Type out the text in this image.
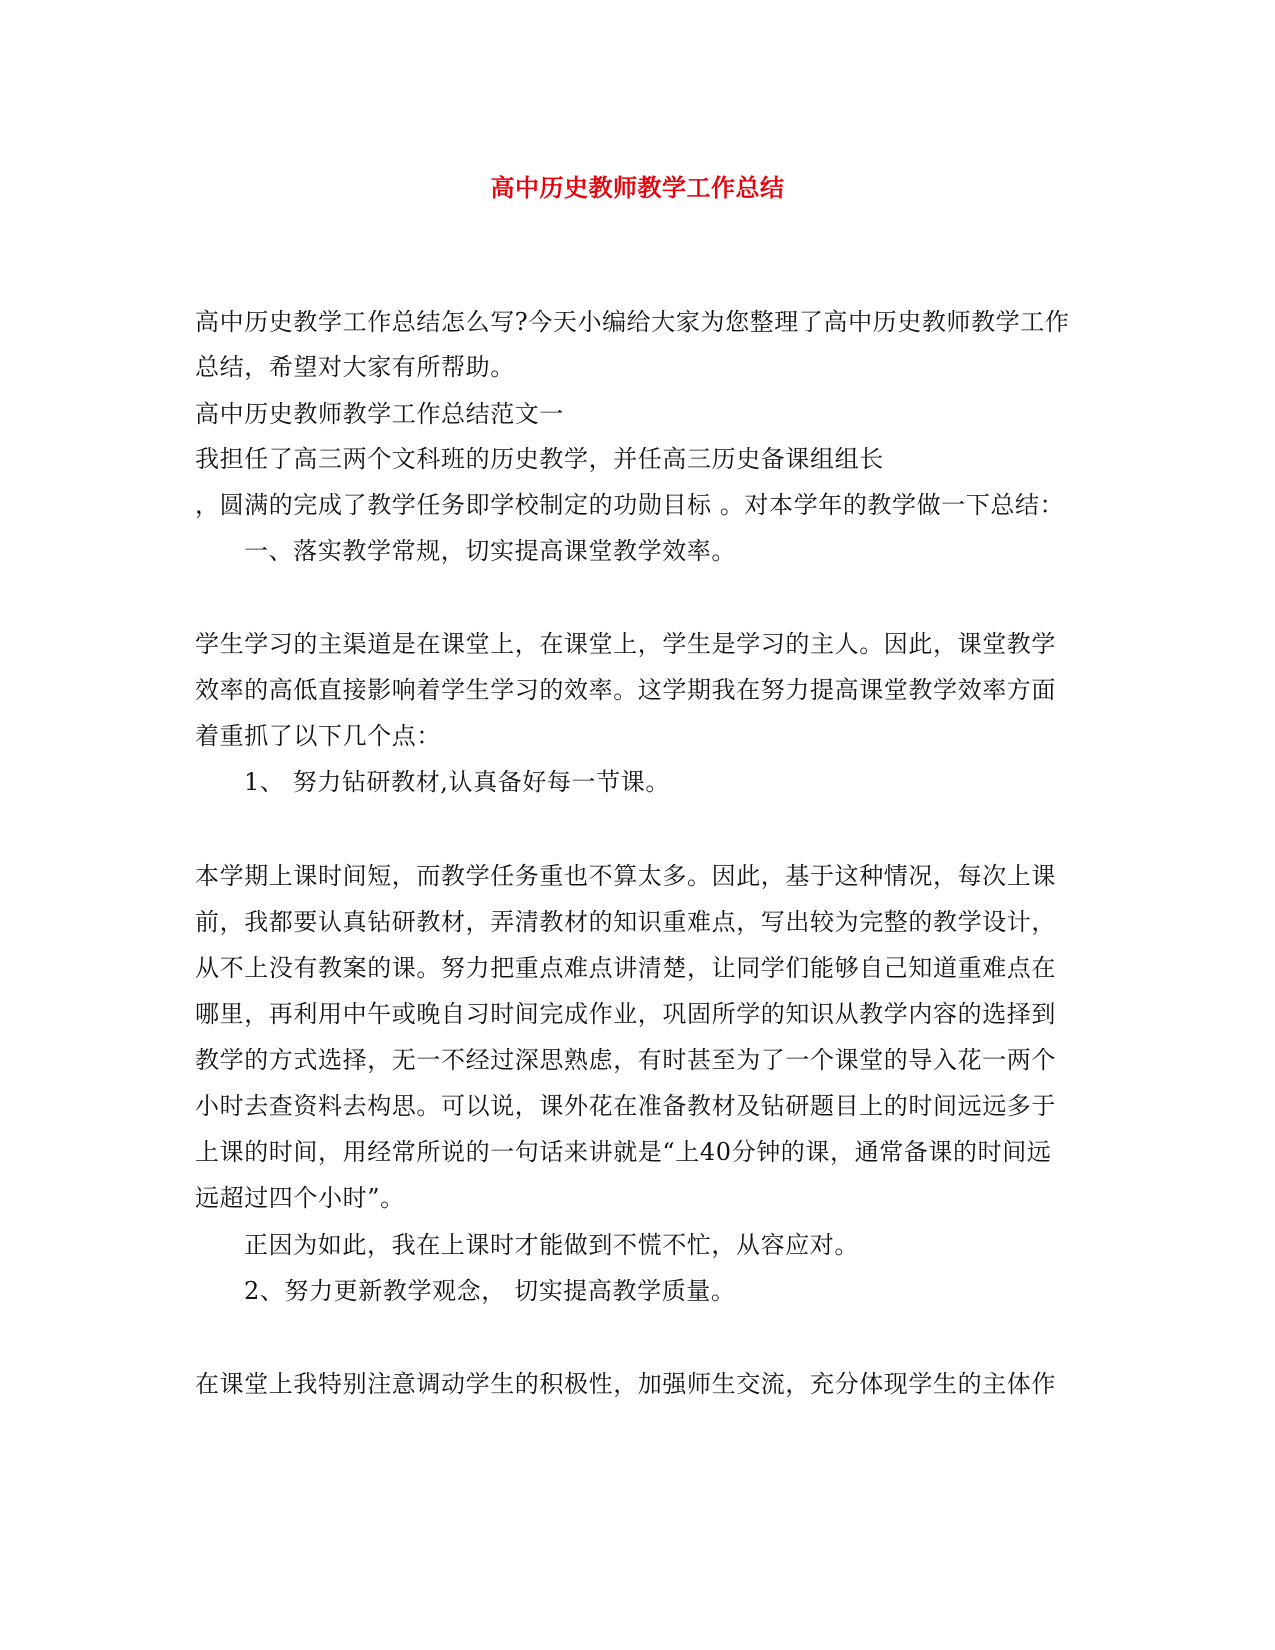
高中历史教师教学工作总结
高中历史教学工作总结怎么写?今天小编给大家为您整理了高中历史教师教学工作
总结，希望对大家有所帮助。
高中历史教师教学工作总结范文一
我担任了高三两个文科班的历史教学，并任高三历史备课组组长
，圆满的完成了教学任务即学校制定的功勋目标 。对本学年的教学做一下总结：
一、落实教学常规，切实提高课堂教学效率。
学生学习的主渠道是在课堂上，在课堂上，学生是学习的主人。因此，课堂教学
效率的高低直接影响着学生学习的效率。这学期我在努力提高课堂教学效率方面
着重抓了以下几个点：
1、 努力钻研教材,认真备好每一节课。
本学期上课时间短，而教学任务重也不算太多。因此，基于这种情况，每次上课
前，我都要认真钻研教材，弄清教材的知识重难点，写出较为完整的教学设计，
从不上没有教案的课。努力把重点难点讲清楚，让同学们能够自己知道重难点在
哪里，再利用中午或晚自习时间完成作业，巩固所学的知识从教学内容的选择到
教学的方式选择，无一不经过深思熟虑，有时甚至为了一个课堂的导入花一两个
小时去查资料去构思。可以说，课外花在准备教材及钻研题目上的时间远远多于
上课的时间，用经常所说的一句话来讲就是“上40分钟的课，通常备课的时间远
远超过四个小时”。
正因为如此，我在上课时才能做到不慌不忙，从容应对。
2、努力更新教学观念， 切实提高教学质量。
在课堂上我特别注意调动学生的积极性，加强师生交流，充分体现学生的主体作
